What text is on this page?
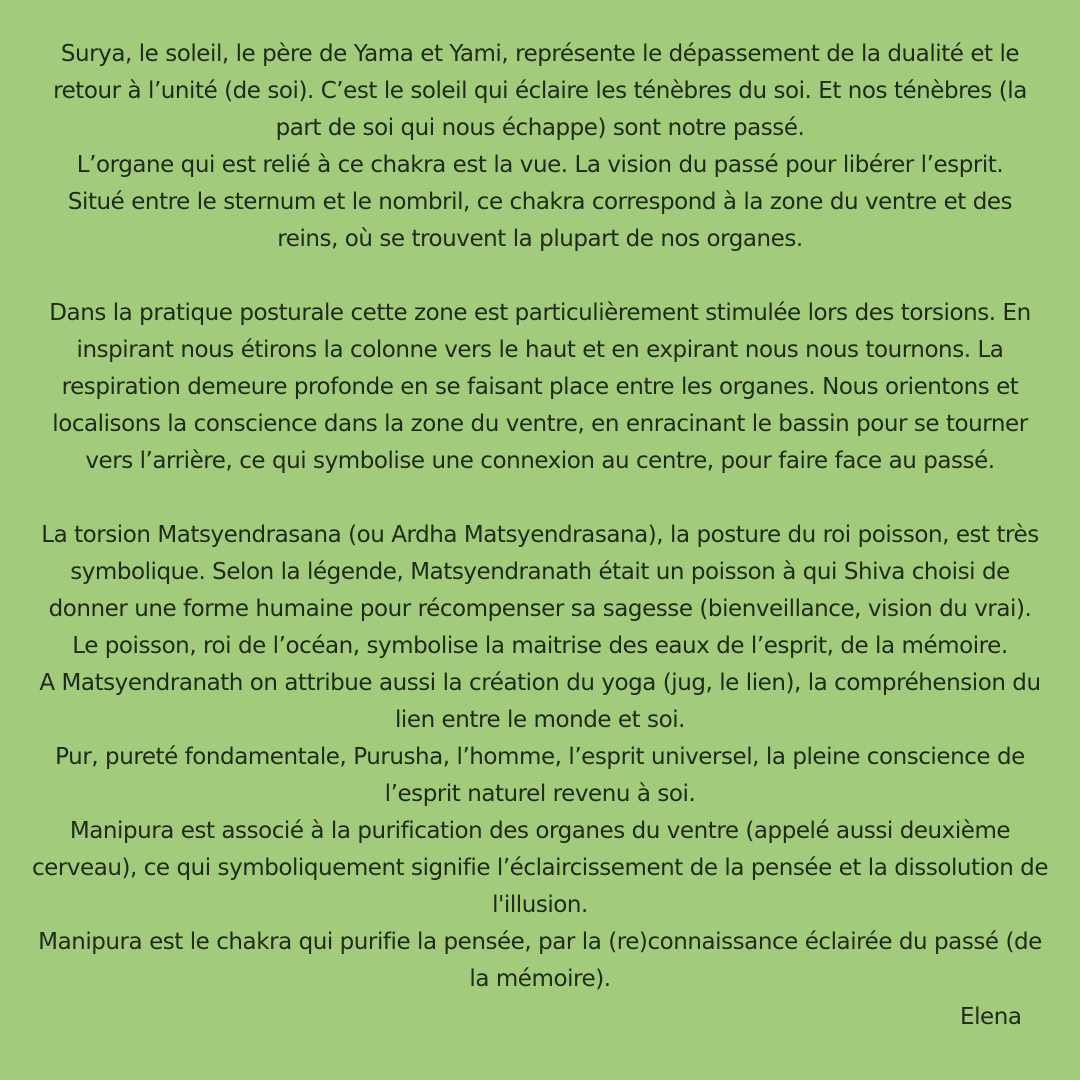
Surya, le soleil, le père de Yama et Yami, représente le dépassement de la dualité et le
retour à l’unité (de soi). C’est le soleil qui éclaire les ténèbres du soi. Et nos ténèbres (la
part de soi qui nous échappe) sont notre passé.
L’organe qui est relié à ce chakra est la vue. La vision du passé pour libérer l’esprit.
Situé entre le sternum et le nombril, ce chakra correspond à la zone du ventre et des
reins, où se trouvent la plupart de nos organes.
Dans la pratique posturale cette zone est particulièrement stimulée lors des torsions. En
inspirant nous étirons la colonne vers le haut et en expirant nous nous tournons. La
respiration demeure profonde en se faisant place entre les organes. Nous orientons et
localisons la conscience dans la zone du ventre, en enracinant le bassin pour se tourner
vers l’arrière, ce qui symbolise une connexion au centre, pour faire face au passé.
La torsion Matsyendrasana (ou Ardha Matsyendrasana), la posture du roi poisson, est très
symbolique. Selon la légende, Matsyendranath était un poisson à qui Shiva choisi de
donner une forme humaine pour récompenser sa sagesse (bienveillance, vision du vrai).
Le poisson, roi de l’océan, symbolise la maitrise des eaux de l’esprit, de la mémoire.
A Matsyendranath on attribue aussi la création du yoga (jug, le lien), la compréhension du
lien entre le monde et soi.
Pur, pureté fondamentale, Purusha, l’homme, l’esprit universel, la pleine conscience de
l’esprit naturel revenu à soi.
Manipura est associé à la purification des organes du ventre (appelé aussi deuxième
cerveau), ce qui symboliquement signifie l’éclaircissement de la pensée et la dissolution de
l'illusion.
Manipura est le chakra qui purifie la pensée, par la (re)connaissance éclairée du passé (de
la mémoire).
Elena
